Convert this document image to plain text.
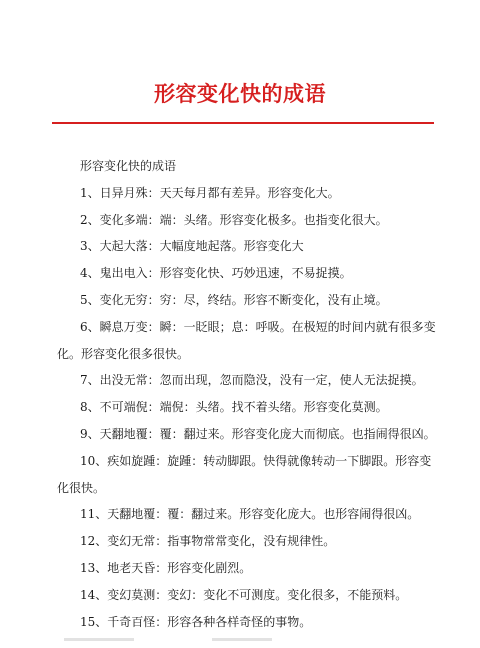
形容变化快的成语

形容变化快的成语

1、日异月殊：天天每月都有差异。形容变化大。

2、变化多端：端：头绪。形容变化极多。也指变化很大。

3、大起大落：大幅度地起落。形容变化大

4、鬼出电入：形容变化快、巧妙迅速，不易捉摸。

5、变化无穷：穷：尽，终结。形容不断变化，没有止境。

6、瞬息万变：瞬：一眨眼；息：呼吸。在极短的时间内就有很多变

化。形容变化很多很快。

7、出没无常：忽而出现，忽而隐没，没有一定，使人无法捉摸。

8、不可端倪：端倪：头绪。找不着头绪。形容变化莫测。

9、天翻地覆：覆：翻过来。形容变化庞大而彻底。也指闹得很凶。

10、疾如旋踵：旋踵：转动脚跟。快得就像转动一下脚跟。形容变

化很快。

11、天翻地覆：覆：翻过来。形容变化庞大。也形容闹得很凶。

12、变幻无常：指事物常常变化，没有规律性。

13、地老天昏：形容变化剧烈。

14、变幻莫测：变幻：变化不可测度。变化很多，不能预料。

15、千奇百怪：形容各种各样奇怪的事物。
